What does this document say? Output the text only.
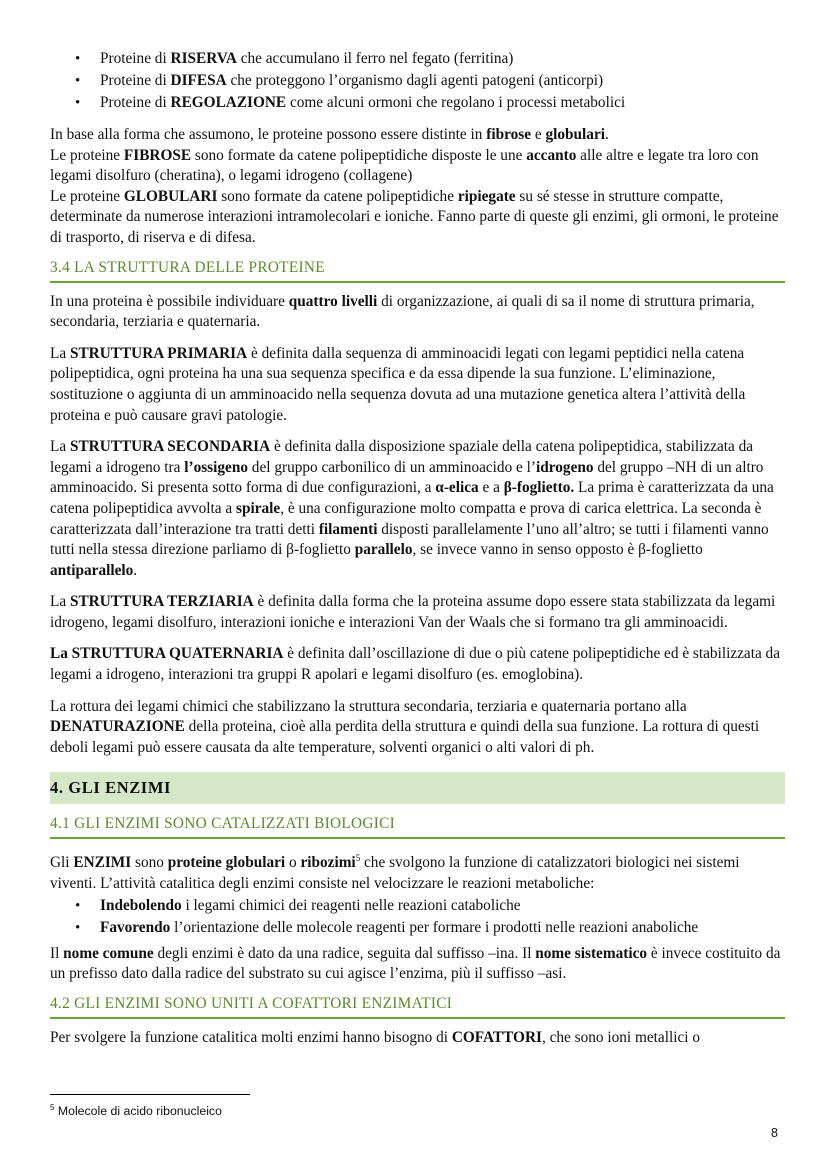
• Proteine di RISERVA che accumulano il ferro nel fegato (ferritina)
• Proteine di DIFESA che proteggono l’organismo dagli agenti patogeni (anticorpi)
• Proteine di REGOLAZIONE come alcuni ormoni che regolano i processi metabolici

In base alla forma che assumono, le proteine possono essere distinte in fibrose e globulari.
Le proteine FIBROSE sono formate da catene polipeptidiche disposte le une accanto alle altre e legate tra loro con legami disolfuro (cheratina), o legami idrogeno (collagene)
Le proteine GLOBULARI sono formate da catene polipeptidiche ripiegate su sé stesse in strutture compatte, determinate da numerose interazioni intramolecolari e ioniche. Fanno parte di queste gli enzimi, gli ormoni, le proteine di trasporto, di riserva e di difesa.

3.4 LA STRUTTURA DELLE PROTEINE

In una proteina è possibile individuare quattro livelli di organizzazione, ai quali di sa il nome di struttura primaria, secondaria, terziaria e quaternaria.

La STRUTTURA PRIMARIA è definita dalla sequenza di amminoacidi legati con legami peptidici nella catena polipeptidica, ogni proteina ha una sua sequenza specifica e da essa dipende la sua funzione. L’eliminazione, sostituzione o aggiunta di un amminoacido nella sequenza dovuta ad una mutazione genetica altera l’attività della proteina e può causare gravi patologie.

La STRUTTURA SECONDARIA è definita dalla disposizione spaziale della catena polipeptidica, stabilizzata da legami a idrogeno tra l’ossigeno del gruppo carbonilico di un amminoacido e l’idrogeno del gruppo –NH di un altro amminoacido. Si presenta sotto forma di due configurazioni, a α-elica e a β-foglietto. La prima è caratterizzata da una catena polipeptidica avvolta a spirale, è una configurazione molto compatta e prova di carica elettrica. La seconda è caratterizzata dall’interazione tra tratti detti filamenti disposti parallelamente l’uno all’altro; se tutti i filamenti vanno tutti nella stessa direzione parliamo di β-foglietto parallelo, se invece vanno in senso opposto è β-foglietto antiparallelo.

La STRUTTURA TERZIARIA è definita dalla forma che la proteina assume dopo essere stata stabilizzata da legami idrogeno, legami disolfuro, interazioni ioniche e interazioni Van der Waals che si formano tra gli amminoacidi.

La STRUTTURA QUATERNARIA è definita dall’oscillazione di due o più catene polipeptidiche ed è stabilizzata da legami a idrogeno, interazioni tra gruppi R apolari e legami disolfuro (es. emoglobina).

La rottura dei legami chimici che stabilizzano la struttura secondaria, terziaria e quaternaria portano alla DENATURAZIONE della proteina, cioè alla perdita della struttura e quindi della sua funzione. La rottura di questi deboli legami può essere causata da alte temperature, solventi organici o alti valori di ph.

4. GLI ENZIMI
4.1 GLI ENZIMI SONO CATALIZZATI BIOLOGICI

Gli ENZIMI sono proteine globulari o ribozimi$^5$ che svolgono la funzione di catalizzatori biologici nei sistemi viventi. L’attività catalitica degli enzimi consiste nel velocizzare le reazioni metaboliche:

• Indebolendo i legami chimici dei reagenti nelle reazioni cataboliche
• Favorendo l’orientazione delle molecole reagenti per formare i prodotti nelle reazioni anaboliche

Il nome comune degli enzimi è dato da una radice, seguita dal suffisso –ina. Il nome sistematico è invece costituito da un prefisso dato dalla radice del substrato su cui agisce l’enzima, più il suffisso –asi.

4.2 GLI ENZIMI SONO UNITI A COFATTORI ENZIMATICI

Per svolgere la funzione catalitica molti enzimi hanno bisogno di COFATTORI, che sono ioni metallici o

$^5$ Molecole di acido ribonucleico
8
